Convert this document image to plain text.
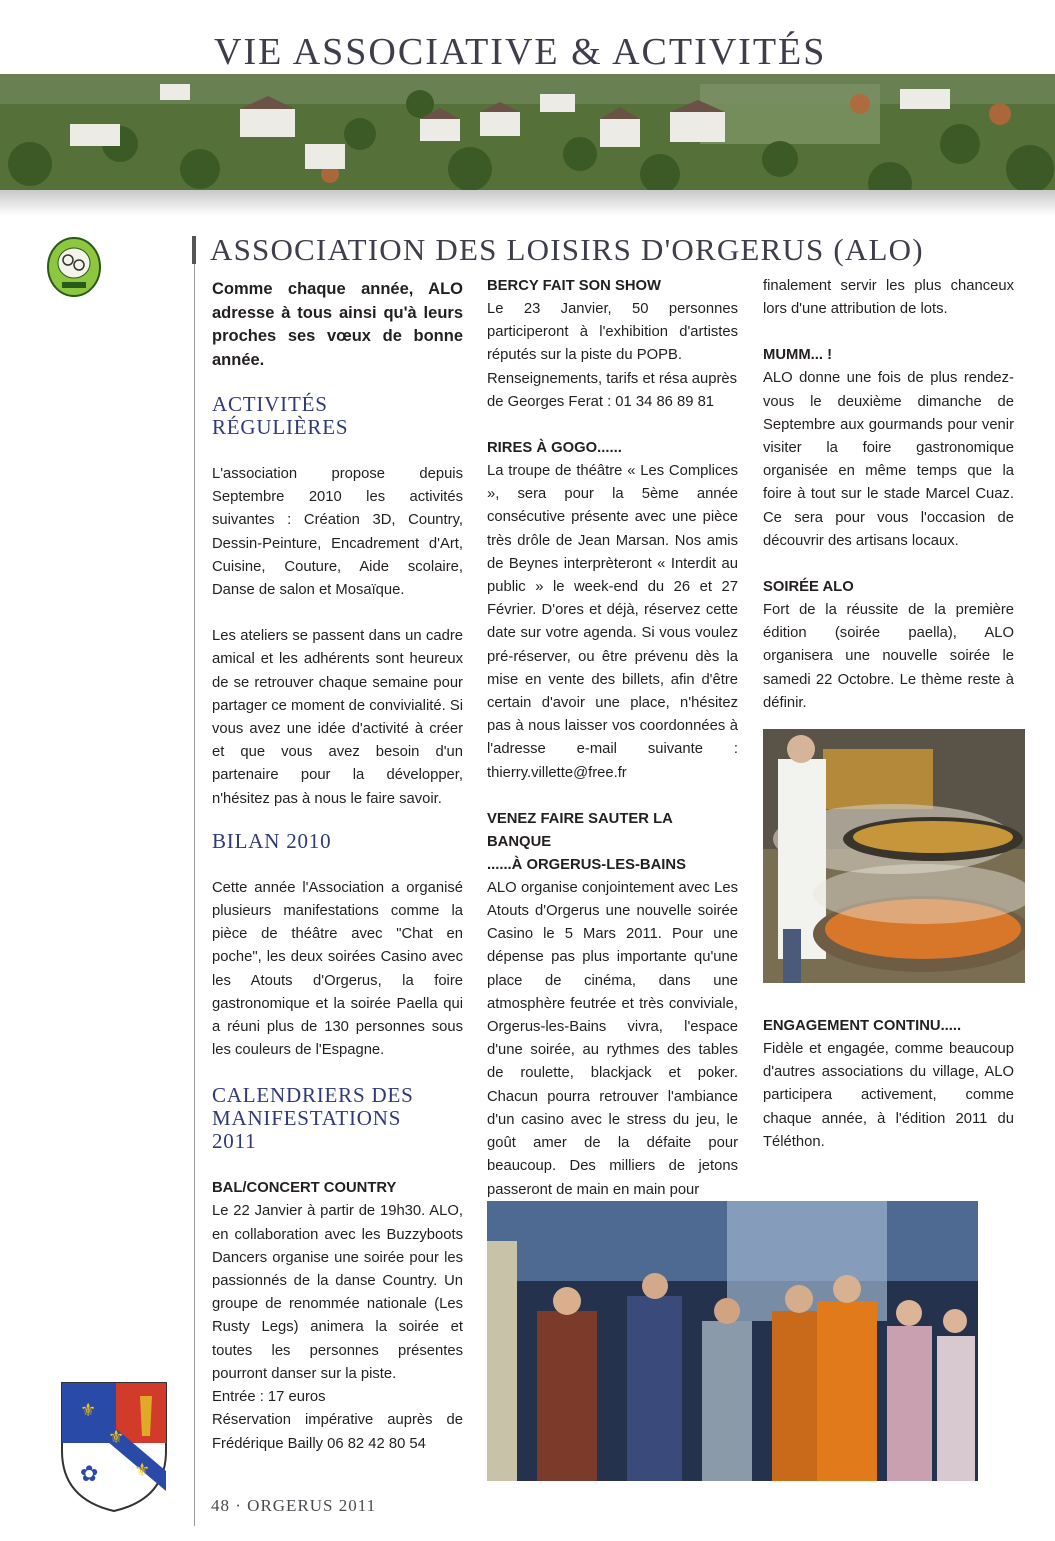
VIE ASSOCIATIVE & ACTIVITÉS
ASSOCIATION DES LOISIRS D'ORGERUS (ALO)

Comme chaque année, ALO adresse à tous ainsi qu'à leurs proches ses vœux de bonne année.

ACTIVITÉS
RÉGULIÈRES

L'association propose depuis Septembre 2010 les activités suivantes : Création 3D, Country, Dessin-Peinture, Encadrement d'Art, Cuisine, Couture, Aide scolaire, Danse de salon et Mosaïque.

Les ateliers se passent dans un cadre amical et les adhérents sont heureux de se retrouver chaque semaine pour partager ce moment de convivialité. Si vous avez une idée d'activité à créer et que vous avez besoin d'un partenaire pour la développer, n'hésitez pas à nous le faire savoir.

BILAN 2010

Cette année l'Association a organisé plusieurs manifestations comme la pièce de théâtre avec "Chat en poche", les deux soirées Casino avec les Atouts d'Orgerus, la foire gastronomique et la soirée Paella qui a réuni plus de 130 personnes sous les couleurs de l'Espagne.

CALENDRIERS DES
MANIFESTATIONS
2011
BAL/CONCERT COUNTRY

Le 22 Janvier à partir de 19h30. ALO, en collaboration avec les Buzzyboots Dancers organise une soirée pour les passionnés de la danse Country. Un groupe de renommée nationale (Les Rusty Legs) animera la soirée et toutes les personnes présentes pourront danser sur la piste.

Entrée : 17 euros

Réservation impérative auprès de Frédérique Bailly 06 82 42 80 54

BERCY FAIT SON SHOW

Le 23 Janvier, 50 personnes participeront à l'exhibition d'artistes réputés sur la piste du POPB.

Renseignements, tarifs et résa auprès de Georges Ferat : 01 34 86 89 81

RIRES À GOGO......

La troupe de théâtre « Les Complices », sera pour la 5ème année consécutive présente avec une pièce très drôle de Jean Marsan. Nos amis de Beynes interprèteront « Interdit au public » le week-end du 26 et 27 Février. D'ores et déjà, réservez cette date sur votre agenda. Si vous voulez pré-réserver, ou être prévenu dès la mise en vente des billets, afin d'être certain d'avoir une place, n'hésitez pas à nous laisser vos coordonnées à l'adresse e-mail suivante : thierry.villette@free.fr

VENEZ FAIRE SAUTER LA BANQUE
......À ORGERUS-LES-BAINS

ALO organise conjointement avec Les Atouts d'Orgerus une nouvelle soirée Casino le 5 Mars 2011. Pour une dépense pas plus importante qu'une place de cinéma, dans une atmosphère feutrée et très conviviale, Orgerus-les-Bains vivra, l'espace d'une soirée, au rythmes des tables de roulette, blackjack et poker. Chacun pourra retrouver l'ambiance d'un casino avec le stress du jeu, le goût amer de la défaite pour beaucoup. Des milliers de jetons passeront de main en main pour

finalement servir les plus chanceux lors d'une attribution de lots.

MUMM... !

ALO donne une fois de plus rendez-vous le deuxième dimanche de Septembre aux gourmands pour venir visiter la foire gastronomique organisée en même temps que la foire à tout sur le stade Marcel Cuaz. Ce sera pour vous l'occasion de découvrir des artisans locaux.

SOIRÉE ALO

Fort de la réussite de la première édition (soirée paella), ALO organisera une nouvelle soirée le samedi 22 Octobre. Le thème reste à définir.

ENGAGEMENT CONTINU.....

Fidèle et engagée, comme beaucoup d'autres associations du village, ALO participera activement, comme chaque année, à l'édition 2011 du Téléthon.

⚜
⚜
⚜
✿
48 · ORGERUS 2011
